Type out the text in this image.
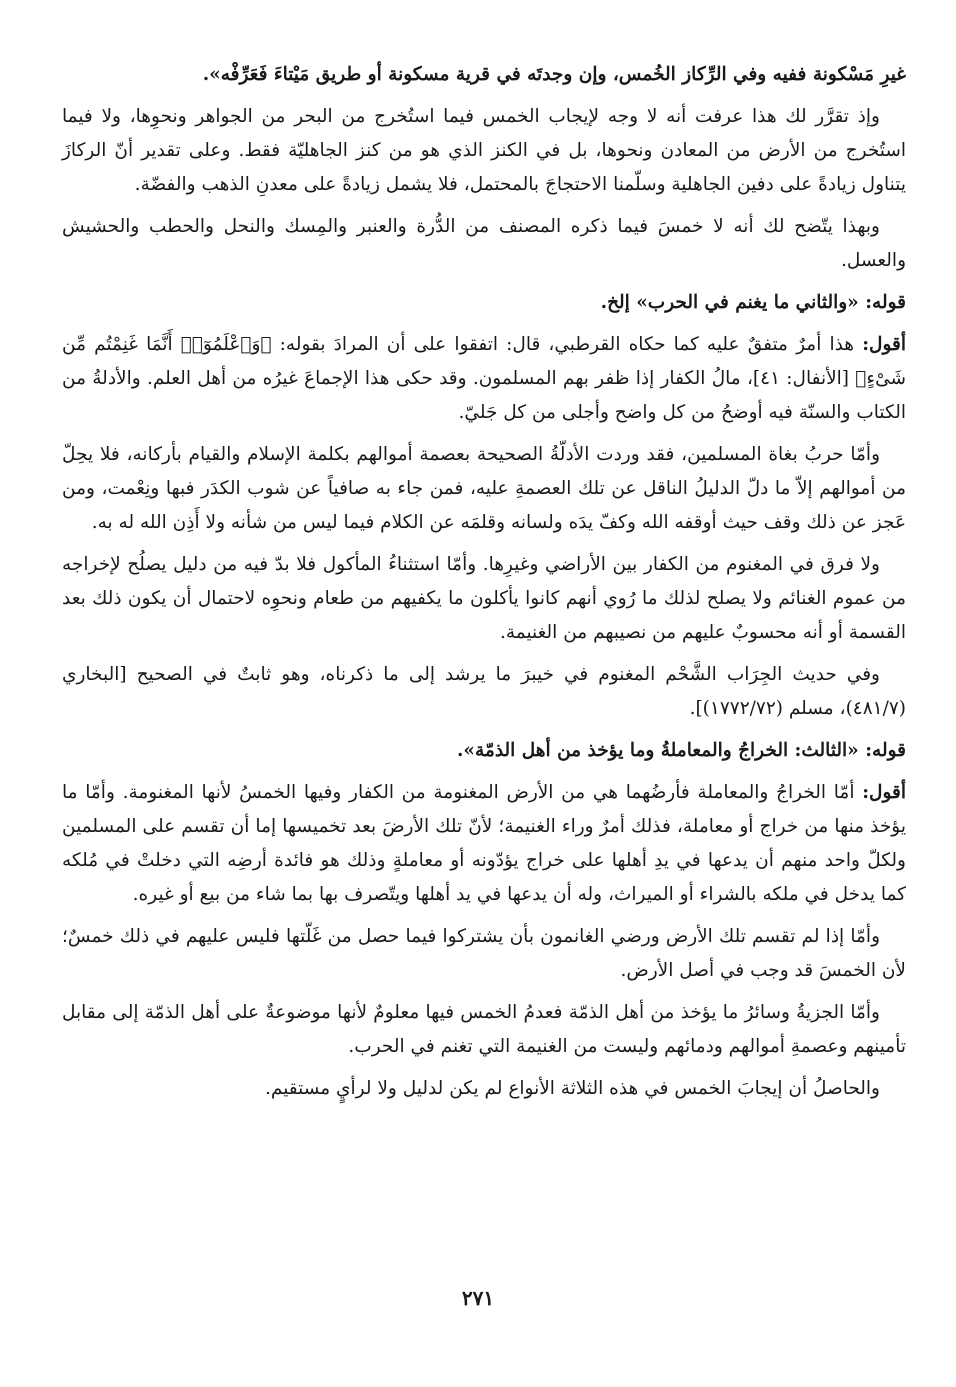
غيرِ مَسْكونة ففيه وفي الرِّكاز الخُمس، وإن وجدتَه في قرية مسكونة أو طريق مَيْتاءَ فَعَرِّفْه».

وإذ تقرَّر لك هذا عرفت أنه لا وجه لإيجاب الخمس فيما استُخرج من البحر من الجواهر ونحوِها، ولا فيما استُخرج من الأرض من المعادن ونحوها، بل في الكنز الذي هو من كنز الجاهليّة فقط. وعلى تقدير أنّ الركازَ يتناول زيادةً على دفين الجاهلية وسلّمنا الاحتجاجَ بالمحتمل، فلا يشمل زيادةً على معدنِ الذهب والفضّة.

وبهذا يتّضح لك أنه لا خمسَ فيما ذكره المصنف من الدُّرة والعنبر والمِسك والنحل والحطب والحشيش والعسل.

قوله: «والثاني ما يغنم في الحرب» إلخ.

أقول: هذا أمرٌ متفقٌ عليه كما حكاه القرطبي، قال: اتفقوا على أن المرادَ بقوله: ﴿وَٱعْلَمُوٓا۟ أَنَّمَا غَنِمْتُم مِّن شَىْءٍ﴾ [الأنفال: ٤١]، مالُ الكفار إذا ظفر بهم المسلمون. وقد حكى هذا الإجماعَ غيرُه من أهل العلم. والأدلةُ من الكتاب والسنّة فيه أوضحُ من كل واضح وأجلى من كل جَليّ.

وأمّا حربُ بغاة المسلمين، فقد وردت الأدلّةُ الصحيحة بعصمة أموالهم بكلمة الإسلام والقيام بأركانه، فلا يحِلّ من أموالهم إلاّ ما دلّ الدليلُ الناقل عن تلك العصمةِ عليه، فمن جاء به صافياً عن شوب الكدَر فبها ونِعْمت، ومن عَجز عن ذلك وقف حيث أوقفه الله وكفّ يدَه ولسانه وقلمَه عن الكلام فيما ليس من شأنه ولا أَذِن الله له به.

ولا فرق في المغنوم من الكفار بين الأراضي وغيرِها. وأمّا استثناءُ المأكول فلا بدّ فيه من دليل يصلُح لإخراجه من عموم الغنائم ولا يصلح لذلك ما رُوي أنهم كانوا يأكلون ما يكفيهم من طعام ونحوِه لاحتمال أن يكون ذلك بعد القسمة أو أنه محسوبٌ عليهم من نصيبهم من الغنيمة.

وفي حديث الجِرَاب الشَّحْم المغنوم في خيبرَ ما يرشد إلى ما ذكرناه، وهو ثابتٌ في الصحيح [البخاري (٤٨١/٧)، مسلم (١٧٧٢/٧٢)].

قوله: «الثالث: الخراجُ والمعاملةُ وما يؤخذ من أهل الذمّة».

أقول: أمّا الخراجُ والمعاملة فأرضُهما هي من الأرض المغنومة من الكفار وفيها الخمسُ لأنها المغنومة. وأمّا ما يؤخذ منها من خراج أو معاملة، فذلك أمرٌ وراء الغنيمة؛ لأنّ تلك الأرضَ بعد تخميسها إما أن تقسم على المسلمين ولكلّ واحد منهم أن يدعها في يدِ أهلها على خراج يؤدّونه أو معاملةٍ وذلك هو فائدة أرضِه التي دخلتْ في مُلكه كما يدخل في ملكه بالشراء أو الميراث، وله أن يدعها في يد أهلها ويتّصرف بها بما شاء من بيع أو غيره.

وأمّا إذا لم تقسم تلك الأرض ورضي الغانمون بأن يشتركوا فيما حصل من غَلّتها فليس عليهم في ذلك خمسٌ؛ لأن الخمسَ قد وجب في أصل الأرض.

وأمّا الجزيةُ وسائرُ ما يؤخذ من أهل الذمّة فعدمُ الخمس فيها معلومٌ لأنها موضوعةٌ على أهل الذمّة إلى مقابل تأمينهم وعصمةِ أموالهم ودمائهم وليست من الغنيمة التي تغنم في الحرب.

والحاصلُ أن إيجابَ الخمس في هذه الثلاثة الأنواع لم يكن لدليل ولا لرأيٍ مستقيم.

٢٧١
